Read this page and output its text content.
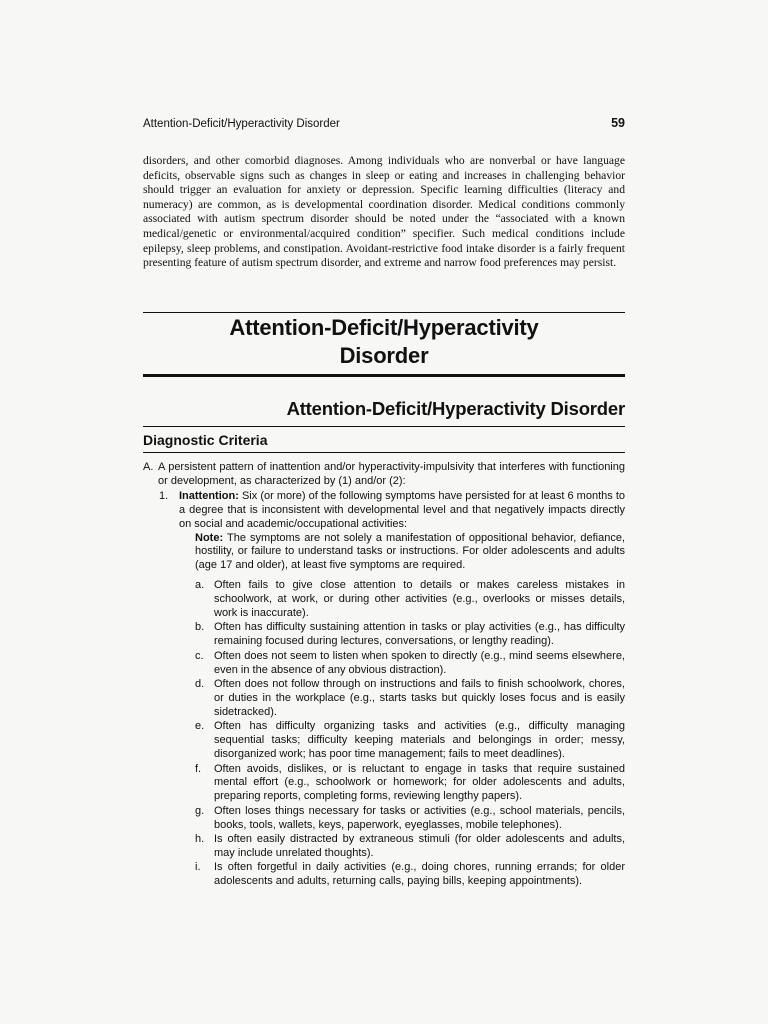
Attention-Deficit/Hyperactivity Disorder	59

disorders, and other comorbid diagnoses. Among individuals who are nonverbal or have language deficits, observable signs such as changes in sleep or eating and increases in challenging behavior should trigger an evaluation for anxiety or depression. Specific learning difficulties (literacy and numeracy) are common, as is developmental coordination disorder. Medical conditions commonly associated with autism spectrum disorder should be noted under the “associated with a known medical/genetic or environmental/acquired condition” specifier. Such medical conditions include epilepsy, sleep problems, and constipation. Avoidant-restrictive food intake disorder is a fairly frequent presenting feature of autism spectrum disorder, and extreme and narrow food preferences may persist.

Attention-Deficit/Hyperactivity
Disorder
Attention-Deficit/Hyperactivity Disorder
Diagnostic Criteria
A. A persistent pattern of inattention and/or hyperactivity-impulsivity that interferes with functioning or development, as characterized by (1) and/or (2):
1. Inattention: Six (or more) of the following symptoms have persisted for at least 6 months to a degree that is inconsistent with developmental level and that negatively impacts directly on social and academic/occupational activities:
Note: The symptoms are not solely a manifestation of oppositional behavior, defiance, hostility, or failure to understand tasks or instructions. For older adolescents and adults (age 17 and older), at least five symptoms are required.
a. Often fails to give close attention to details or makes careless mistakes in schoolwork, at work, or during other activities (e.g., overlooks or misses details, work is inaccurate).
b. Often has difficulty sustaining attention in tasks or play activities (e.g., has difficulty remaining focused during lectures, conversations, or lengthy reading).
c. Often does not seem to listen when spoken to directly (e.g., mind seems elsewhere, even in the absence of any obvious distraction).
d. Often does not follow through on instructions and fails to finish schoolwork, chores, or duties in the workplace (e.g., starts tasks but quickly loses focus and is easily sidetracked).
e. Often has difficulty organizing tasks and activities (e.g., difficulty managing sequential tasks; difficulty keeping materials and belongings in order; messy, disorganized work; has poor time management; fails to meet deadlines).
f.	Often avoids, dislikes, or is reluctant to engage in tasks that require sustained mental effort (e.g., schoolwork or homework; for older adolescents and adults, preparing reports, completing forms, reviewing lengthy papers).
g. Often loses things necessary for tasks or activities (e.g., school materials, pencils, books, tools, wallets, keys, paperwork, eyeglasses, mobile telephones).
h. Is often easily distracted by extraneous stimuli (for older adolescents and adults, may include unrelated thoughts).
i.	Is often forgetful in daily activities (e.g., doing chores, running errands; for older adolescents and adults, returning calls, paying bills, keeping appointments).
